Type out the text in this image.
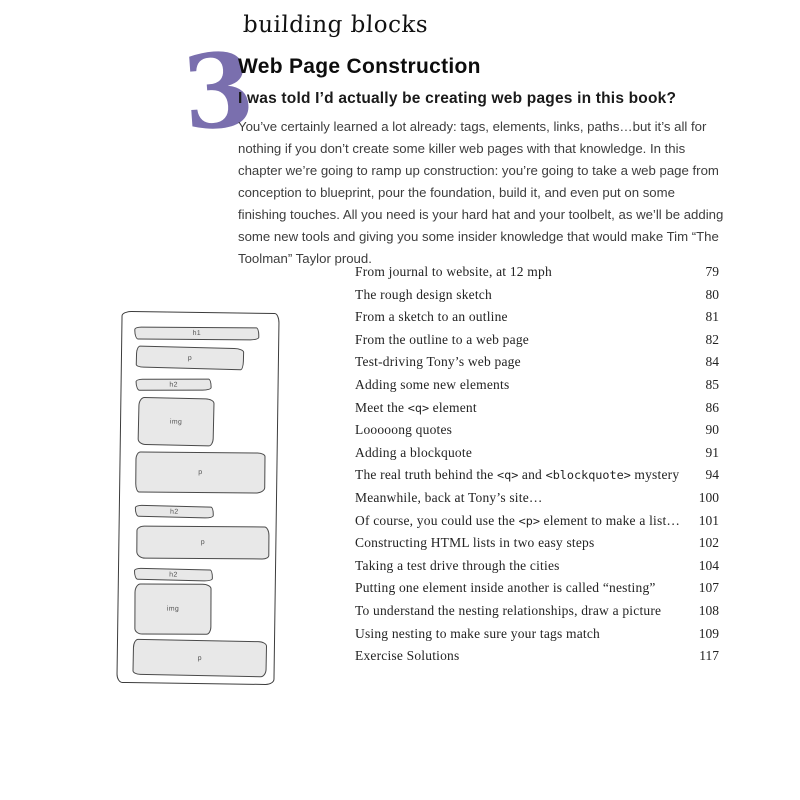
building blocks
3
Web Page Construction
I was told I’d actually be creating web pages in this book?

You’ve certainly learned a lot already: tags, elements, links, paths…but it’s all for nothing if you don’t create some killer web pages with that knowledge. In this chapter we’re going to ramp up construction: you’re going to take a web page from conception to blueprint, pour the foundation, build it, and even put on some finishing touches. All you need is your hard hat and your toolbelt, as we’ll be adding some new tools and giving you some insider knowledge that would make Tim “The Toolman” Taylor proud.

h1
p
h2
img
p
h2
p
h2
img
p
From journal to website, at 12 mph	79
The rough design sketch	80
From a sketch to an outline	81
From the outline to a web page	82
Test-driving Tony’s web page	84
Adding some new elements	85
Meet the <q> element	86
Looooong quotes	90
Adding a blockquote	91
The real truth behind the <q> and <blockquote> mystery	94
Meanwhile, back at Tony’s site…	100
Of course, you could use the <p> element to make a list…	101
Constructing HTML lists in two easy steps	102
Taking a test drive through the cities	104
Putting one element inside another is called “nesting”	107
To understand the nesting relationships, draw a picture	108
Using nesting to make sure your tags match	109
Exercise Solutions	117
